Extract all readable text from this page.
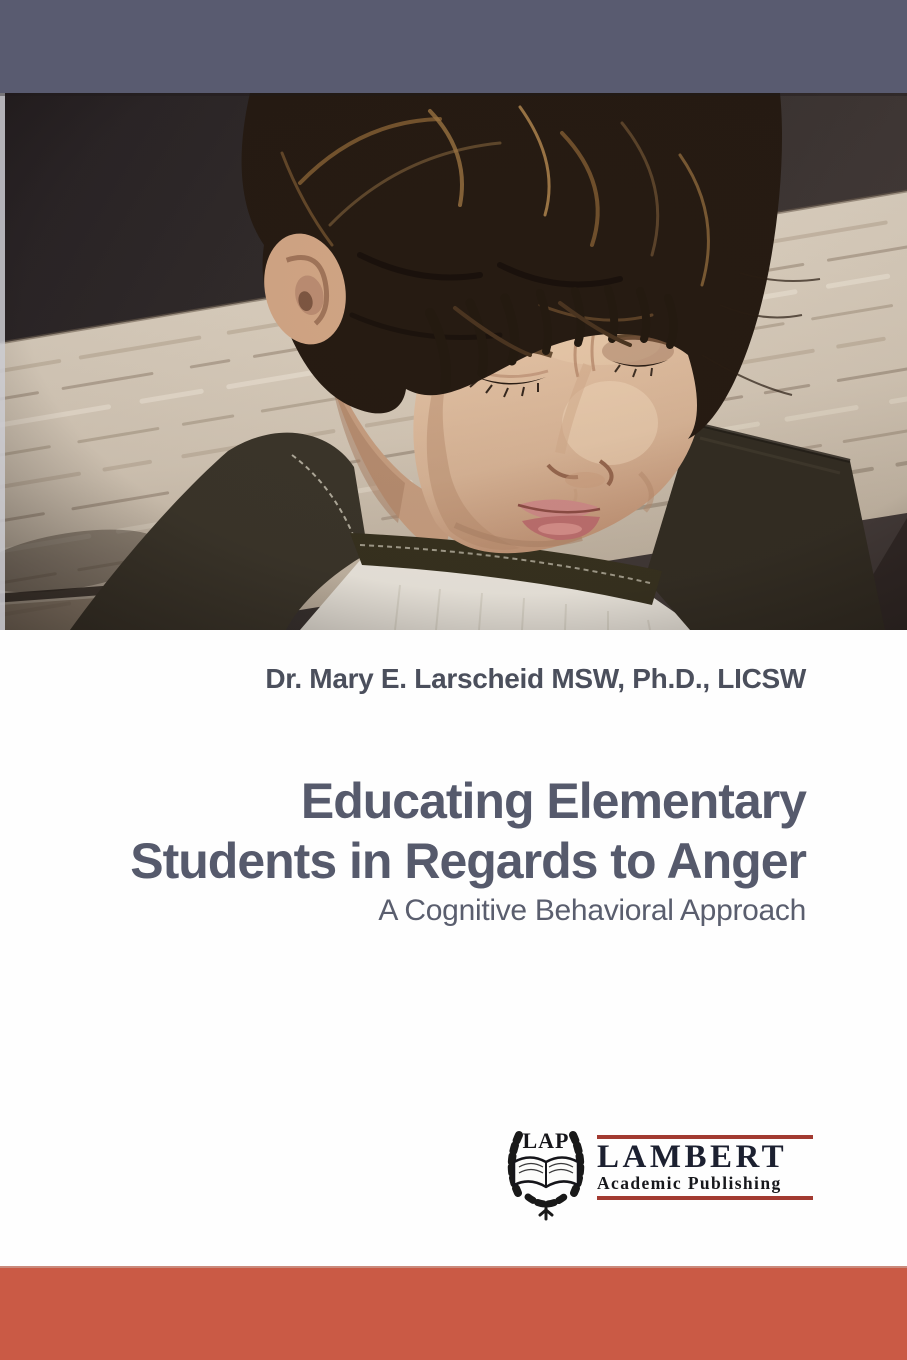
Dr. Mary E. Larscheid MSW, Ph.D., LICSW
Educating Elementary
Students in Regards to Anger
A Cognitive Behavioral Approach
LAP LAMBERT
Academic Publishing
